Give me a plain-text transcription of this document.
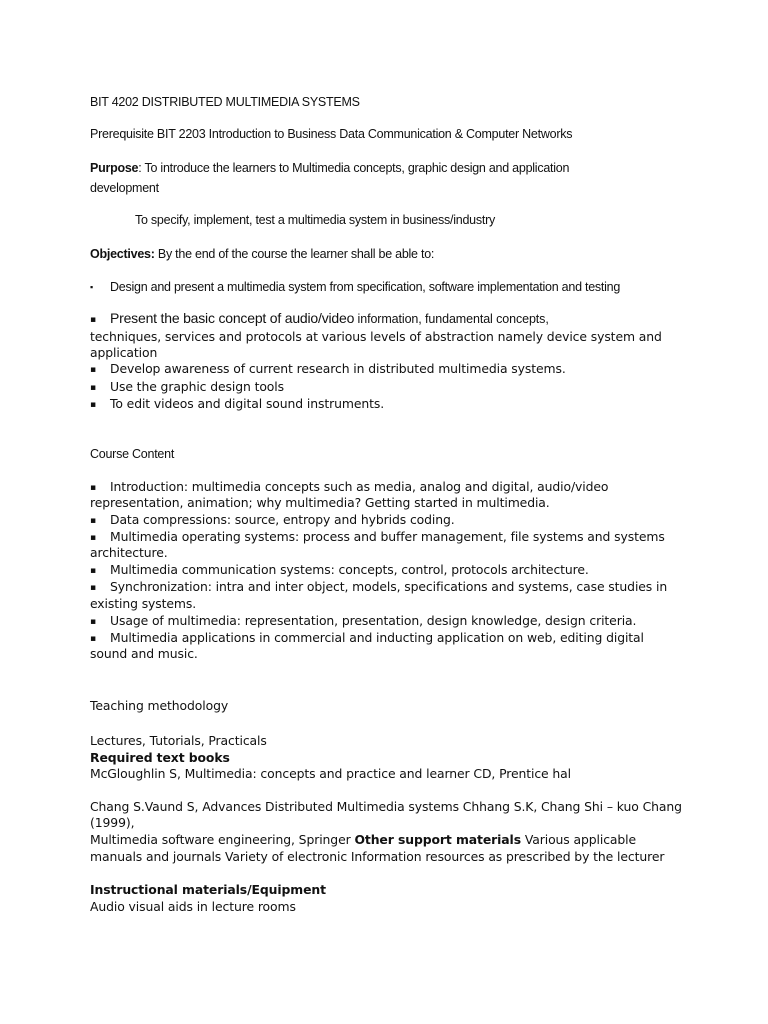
BIT 4202 DISTRIBUTED MULTIMEDIA SYSTEMS
Prerequisite BIT 2203 Introduction to Business Data Communication & Computer Networks
Purpose: To introduce the learners to Multimedia concepts, graphic design and application
development
To specify, implement, test a multimedia system in business/industry
Objectives: By the end of the course the learner shall be able to:
▪ Design and present a multimedia system from specification, software implementation and testing
▪ Present the basic concept of audio/video information, fundamental concepts,
techniques, services and protocols at various levels of abstraction namely device system and
application
▪ Develop awareness of current research in distributed multimedia systems.
▪ Use the graphic design tools
▪ To edit videos and digital sound instruments.
Course Content
▪ Introduction: multimedia concepts such as media, analog and digital, audio/video
representation, animation; why multimedia? Getting started in multimedia.
▪ Data compressions: source, entropy and hybrids coding.
▪ Multimedia operating systems: process and buffer management, file systems and systems
architecture.
▪ Multimedia communication systems: concepts, control, protocols architecture.
▪ Synchronization: intra and inter object, models, specifications and systems, case studies in
existing systems.
▪ Usage of multimedia: representation, presentation, design knowledge, design criteria.
▪ Multimedia applications in commercial and inducting application on web, editing digital
sound and music.
Teaching methodology
Lectures, Tutorials, Practicals
Required text books
McGloughlin S, Multimedia: concepts and practice and learner CD, Prentice hal
Chang S.Vaund S, Advances Distributed Multimedia systems Chhang S.K, Chang Shi – kuo Chang
(1999),
Multimedia software engineering, Springer Other support materials Various applicable
manuals and journals Variety of electronic Information resources as prescribed by the lecturer
Instructional materials/Equipment
Audio visual aids in lecture rooms
